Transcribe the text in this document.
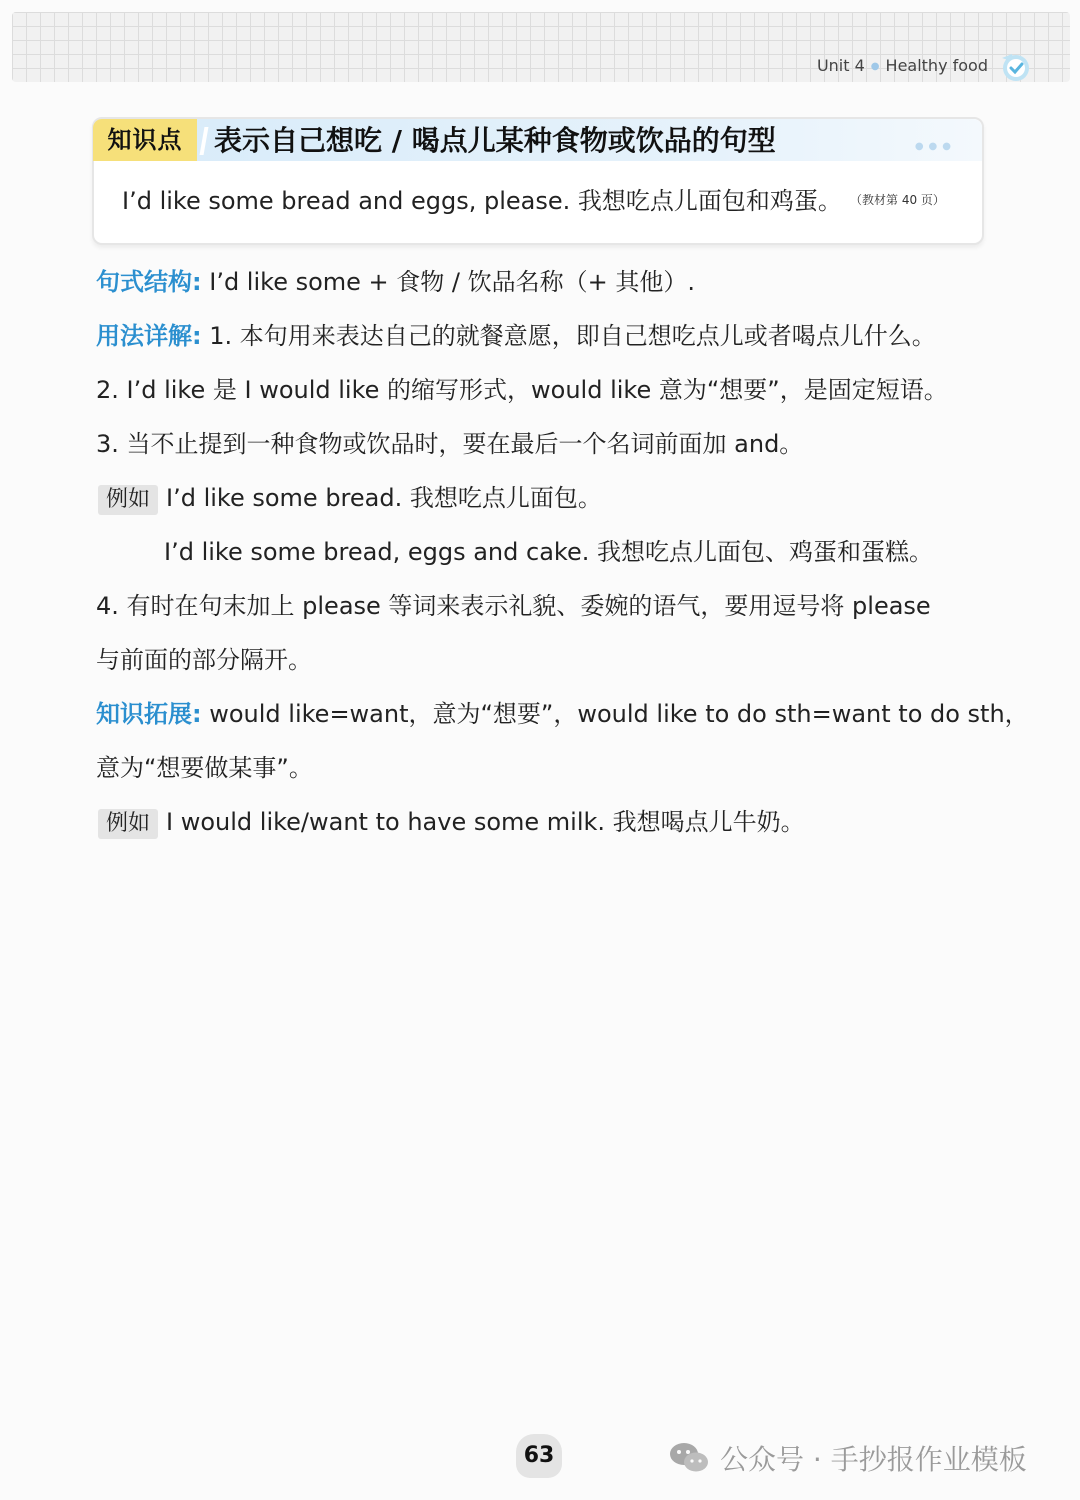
Unit 4 ● Healthy food
知识点	表示自己想吃 / 喝点儿某种食物或饮品的句型	●●●
I’d like some bread and eggs, please. 我想吃点儿面包和鸡蛋。 （教材第 40 页）
句式结构: I’d like some + 食物 / 饮品名称（+ 其他）.
用法详解: 1. 本句用来表达自己的就餐意愿，即自己想吃点儿或者喝点儿什么。
2. I’d like 是 I would like 的缩写形式，would like 意为“想要”，是固定短语。
3. 当不止提到一种食物或饮品时，要在最后一个名词前面加 and。
例如 I’d like some bread. 我想吃点儿面包。
I’d like some bread, eggs and cake. 我想吃点儿面包、鸡蛋和蛋糕。
4. 有时在句末加上 please 等词来表示礼貌、委婉的语气，要用逗号将 please
与前面的部分隔开。
知识拓展: would like=want，意为“想要”，would like to do sth=want to do sth，
意为“想要做某事”。
例如 I would like/want to have some milk. 我想喝点儿牛奶。
63	公众号 · 手抄报作业模板
